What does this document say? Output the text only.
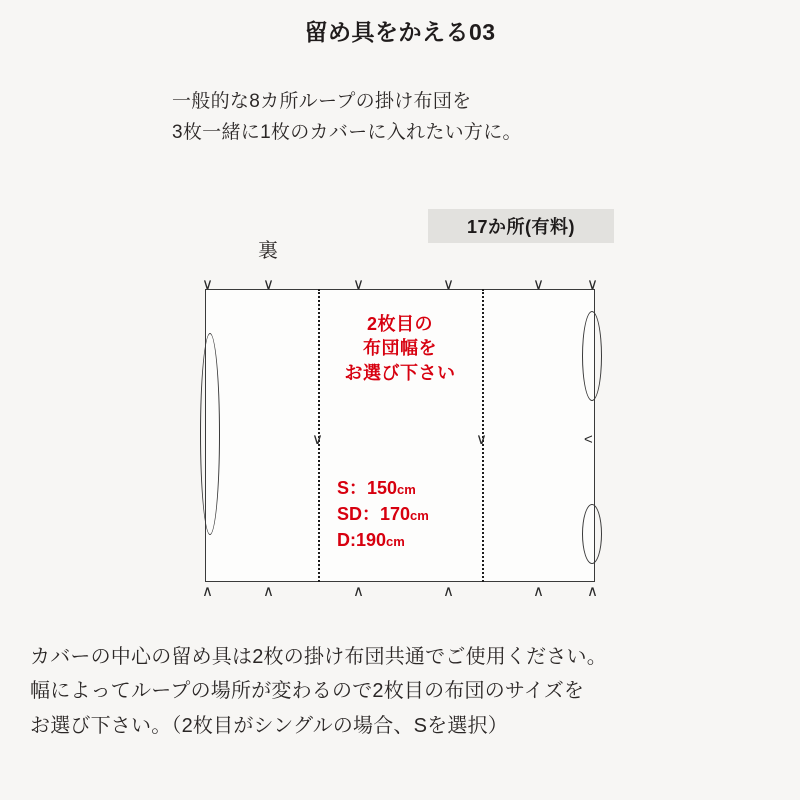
留め具をかえる03
一般的な8カ所ループの掛け布団を
3枚一緒に1枚のカバーに入れたい方に。
17か所(有料)
裏
∨	∨	∨	∨	∨	∨
∧	∧	∧	∧	∧	∧
∨	∨	<
2枚目の
布団幅を
お選び下さい
S：150cm
SD：170cm
D:190cm
カバーの中心の留め具は2枚の掛け布団共通でご使用ください。
幅によってループの場所が変わるので2枚目の布団のサイズを
お選び下さい。（2枚目がシングルの場合、Sを選択）
